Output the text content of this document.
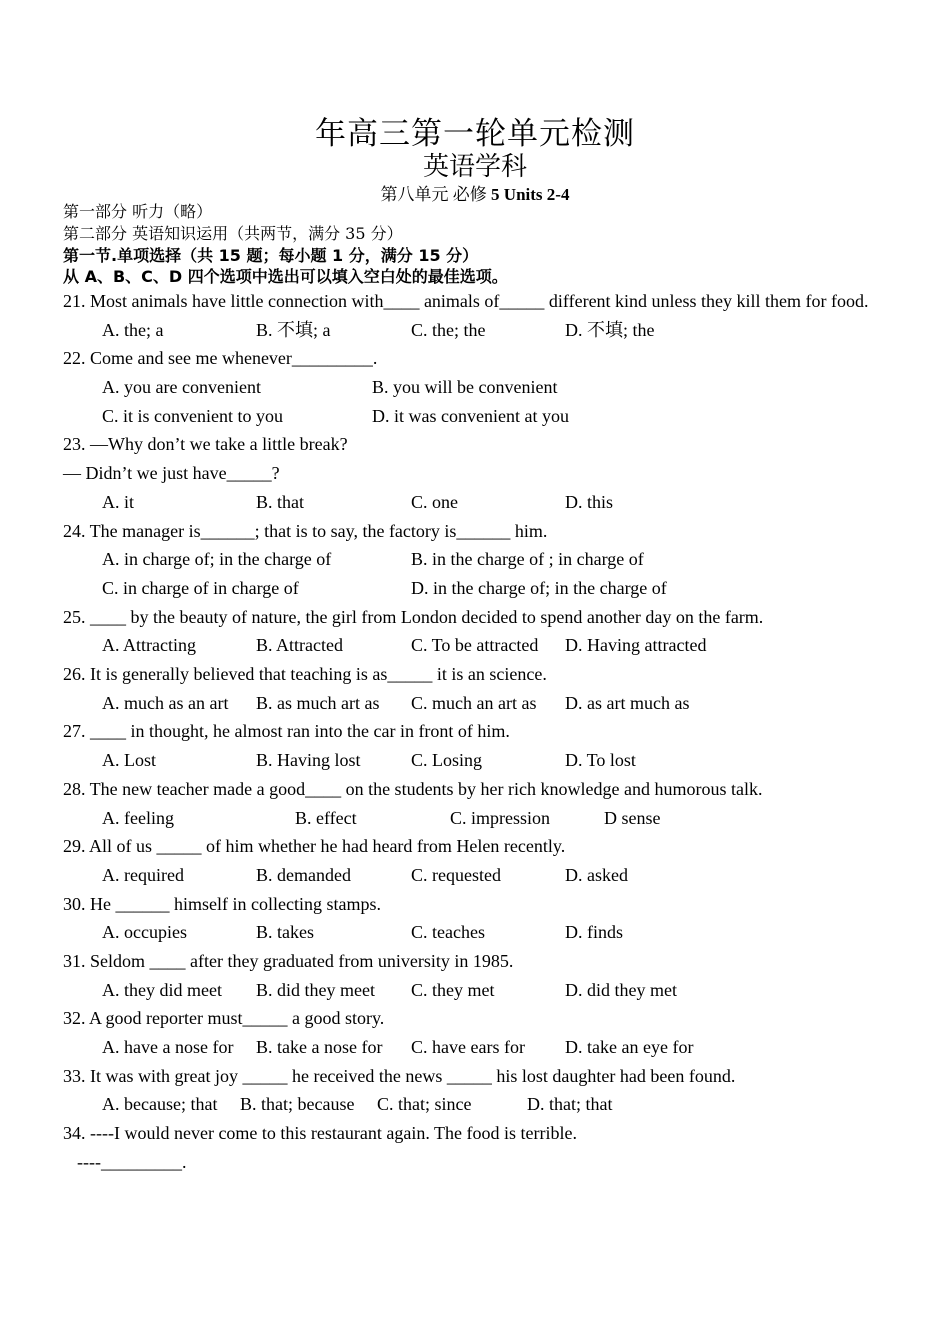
年高三第一轮单元检测
英语学科
第八单元 必修 5 Units 2-4
第一部分 听力（略）
第二部分 英语知识运用（共两节，满分 35 分）
第一节.单项选择（共 15 题；每小题 1 分，满分 15 分）
从 A、B、C、D 四个选项中选出可以填入空白处的最佳选项。
21. Most animals have little connection with____ animals of_____ different kind unless they kill them for food.
A. the; a	B. 不填; a	C. the; the	D. 不填; the
22. Come and see me whenever_________.
A. you are convenient	B. you will be convenient
C. it is convenient to you	D. it was convenient at you
23. —Why don’t we take a little break?
— Didn’t we just have_____?
A. it	B. that	C. one	D. this
24. The manager is______; that is to say, the factory is______ him.
A. in charge of; in the charge of	B. in the charge of ; in charge of
C. in charge of in charge of	D. in the charge of; in the charge of
25. ____ by the beauty of nature, the girl from London decided to spend another day on the farm.
A. Attracting	B. Attracted	C. To be attracted D. Having attracted
26. It is generally believed that teaching is as_____ it is an science.
A. much as an art B. as much art as C. much an art as D. as art much as
27. ____ in thought, he almost ran into the car in front of him.
A. Lost	B. Having lost	C. Losing	D. To lost
28. The new teacher made a good____ on the students by her rich knowledge and humorous talk.
A. feeling	B. effect	C. impression	D sense
29. All of us _____ of him whether he had heard from Helen recently.
A. required	B. demanded	C. requested	D. asked
30. He ______ himself in collecting stamps.
A. occupies	B. takes	C. teaches	D. finds
31. Seldom ____ after they graduated from university in 1985.
A. they did meet B. did they meet C. they met	D. did they met
32. A good reporter must_____ a good story.
A. have a nose for B. take a nose for C. have ears for D. take an eye for
33. It was with great joy _____ he received the news _____ his lost daughter had been found.
A. because; that B. that; because C. that; since	D. that; that
34. ----I would never come to this restaurant again. The food is terrible.
----_________.
